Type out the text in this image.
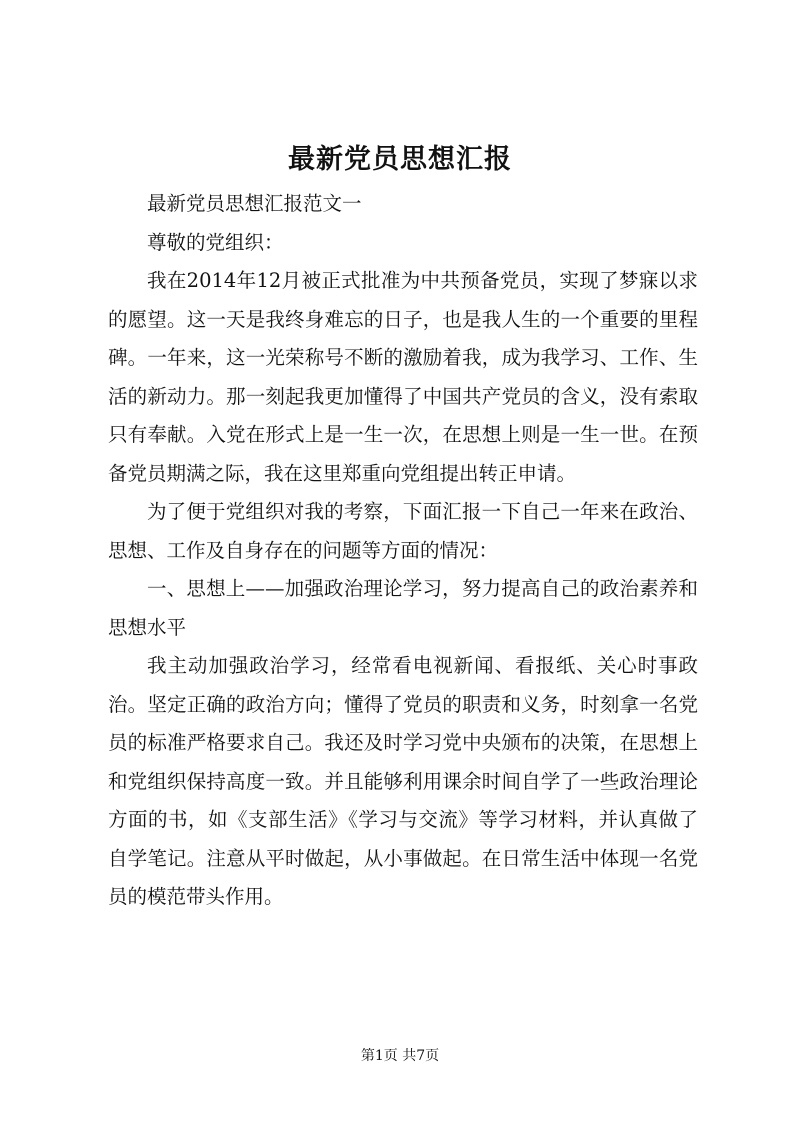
最新党员思想汇报

最新党员思想汇报范文一

尊敬的党组织：

我在2014年12月被正式批准为中共预备党员，实现了梦寐以求的愿望。这一天是我终身难忘的日子，也是我人生的一个重要的里程碑。一年来，这一光荣称号不断的激励着我，成为我学习、工作、生活的新动力。那一刻起我更加懂得了中国共产党员的含义，没有索取只有奉献。入党在形式上是一生一次，在思想上则是一生一世。在预备党员期满之际，我在这里郑重向党组提出转正申请。

为了便于党组织对我的考察，下面汇报一下自己一年来在政治、思想、工作及自身存在的问题等方面的情况：

一、思想上——加强政治理论学习，努力提高自己的政治素养和思想水平

我主动加强政治学习，经常看电视新闻、看报纸、关心时事政治。坚定正确的政治方向；懂得了党员的职责和义务，时刻拿一名党员的标准严格要求自己。我还及时学习党中央颁布的决策，在思想上和党组织保持高度一致。并且能够利用课余时间自学了一些政治理论方面的书，如《支部生活》《学习与交流》等学习材料，并认真做了自学笔记。注意从平时做起，从小事做起。在日常生活中体现一名党员的模范带头作用。

第1页 共7页
